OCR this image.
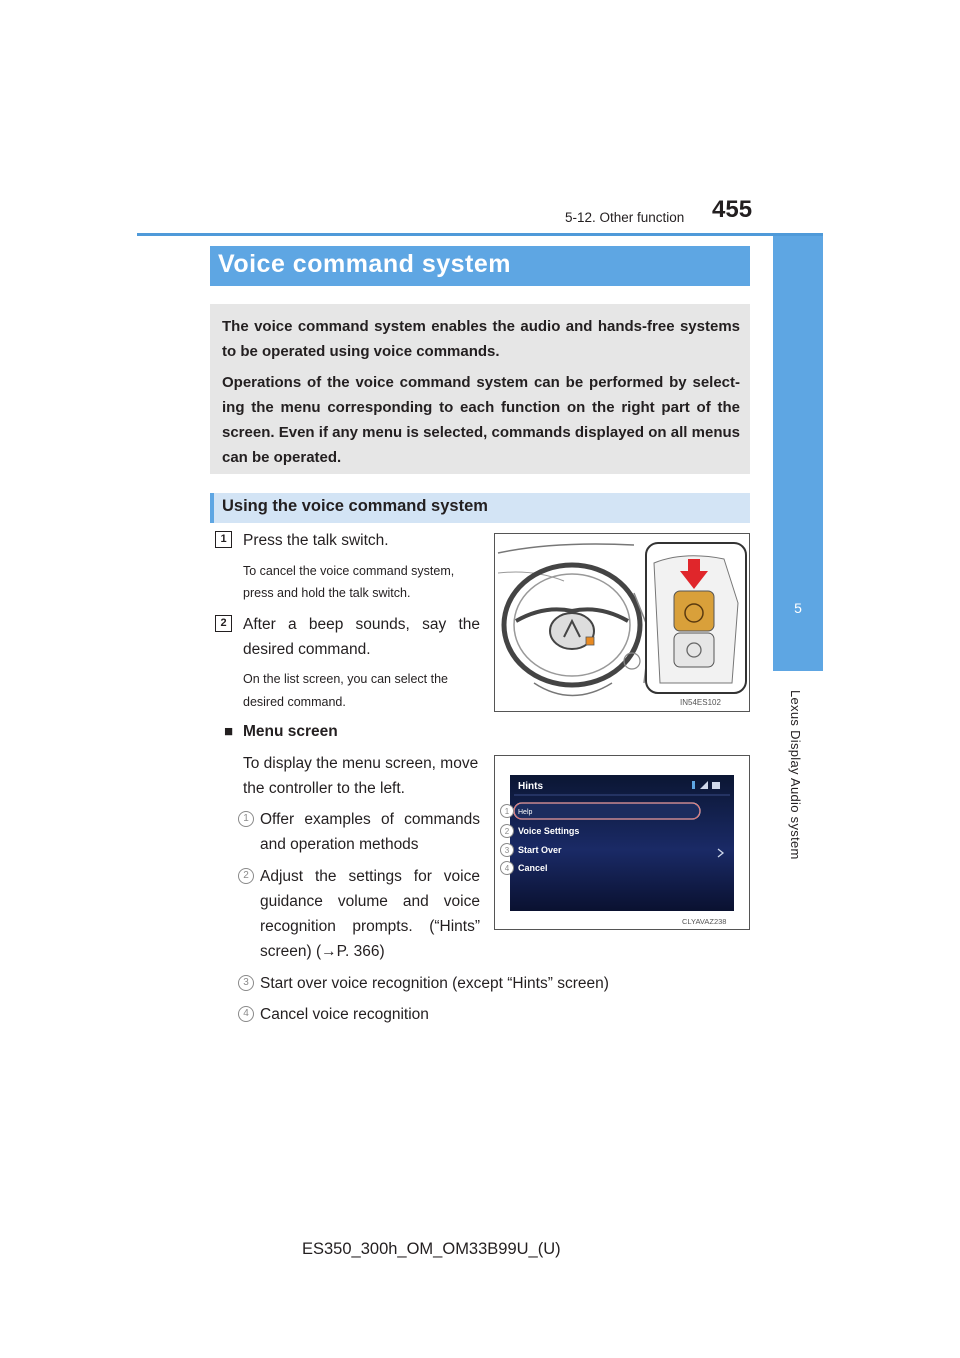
5-12. Other function 455
5
Lexus Display Audio system
Voice command system

The voice command system enables the audio and hands-free systems to be operated using voice commands.

Operations of the voice command system can be performed by select-ing the menu corresponding to each function on the right part of the screen. Even if any menu is selected, commands displayed on all menus can be operated.

Using the voice command system
1	Press the talk switch.
To cancel the voice command system,
press and hold the talk switch.
2	After a beep sounds, say the
desired command.
On the list screen, you can select the
desired command.	IN54ES102
■ Menu screen
To display the menu screen, move
the controller to the left.
1 Offer examples of commands
and operation methods
2 Adjust the settings for voice
guidance volume and voice
recognition prompts. (“Hints”
screen) (→P. 366)
3 Start over voice recognition (except “Hints” screen)
4 Cancel voice recognition
Hints
Help
Voice Settings
Start Over
Cancel
1
2
3
4
CLYAVAZ238
ES350_300h_OM_OM33B99U_(U)
